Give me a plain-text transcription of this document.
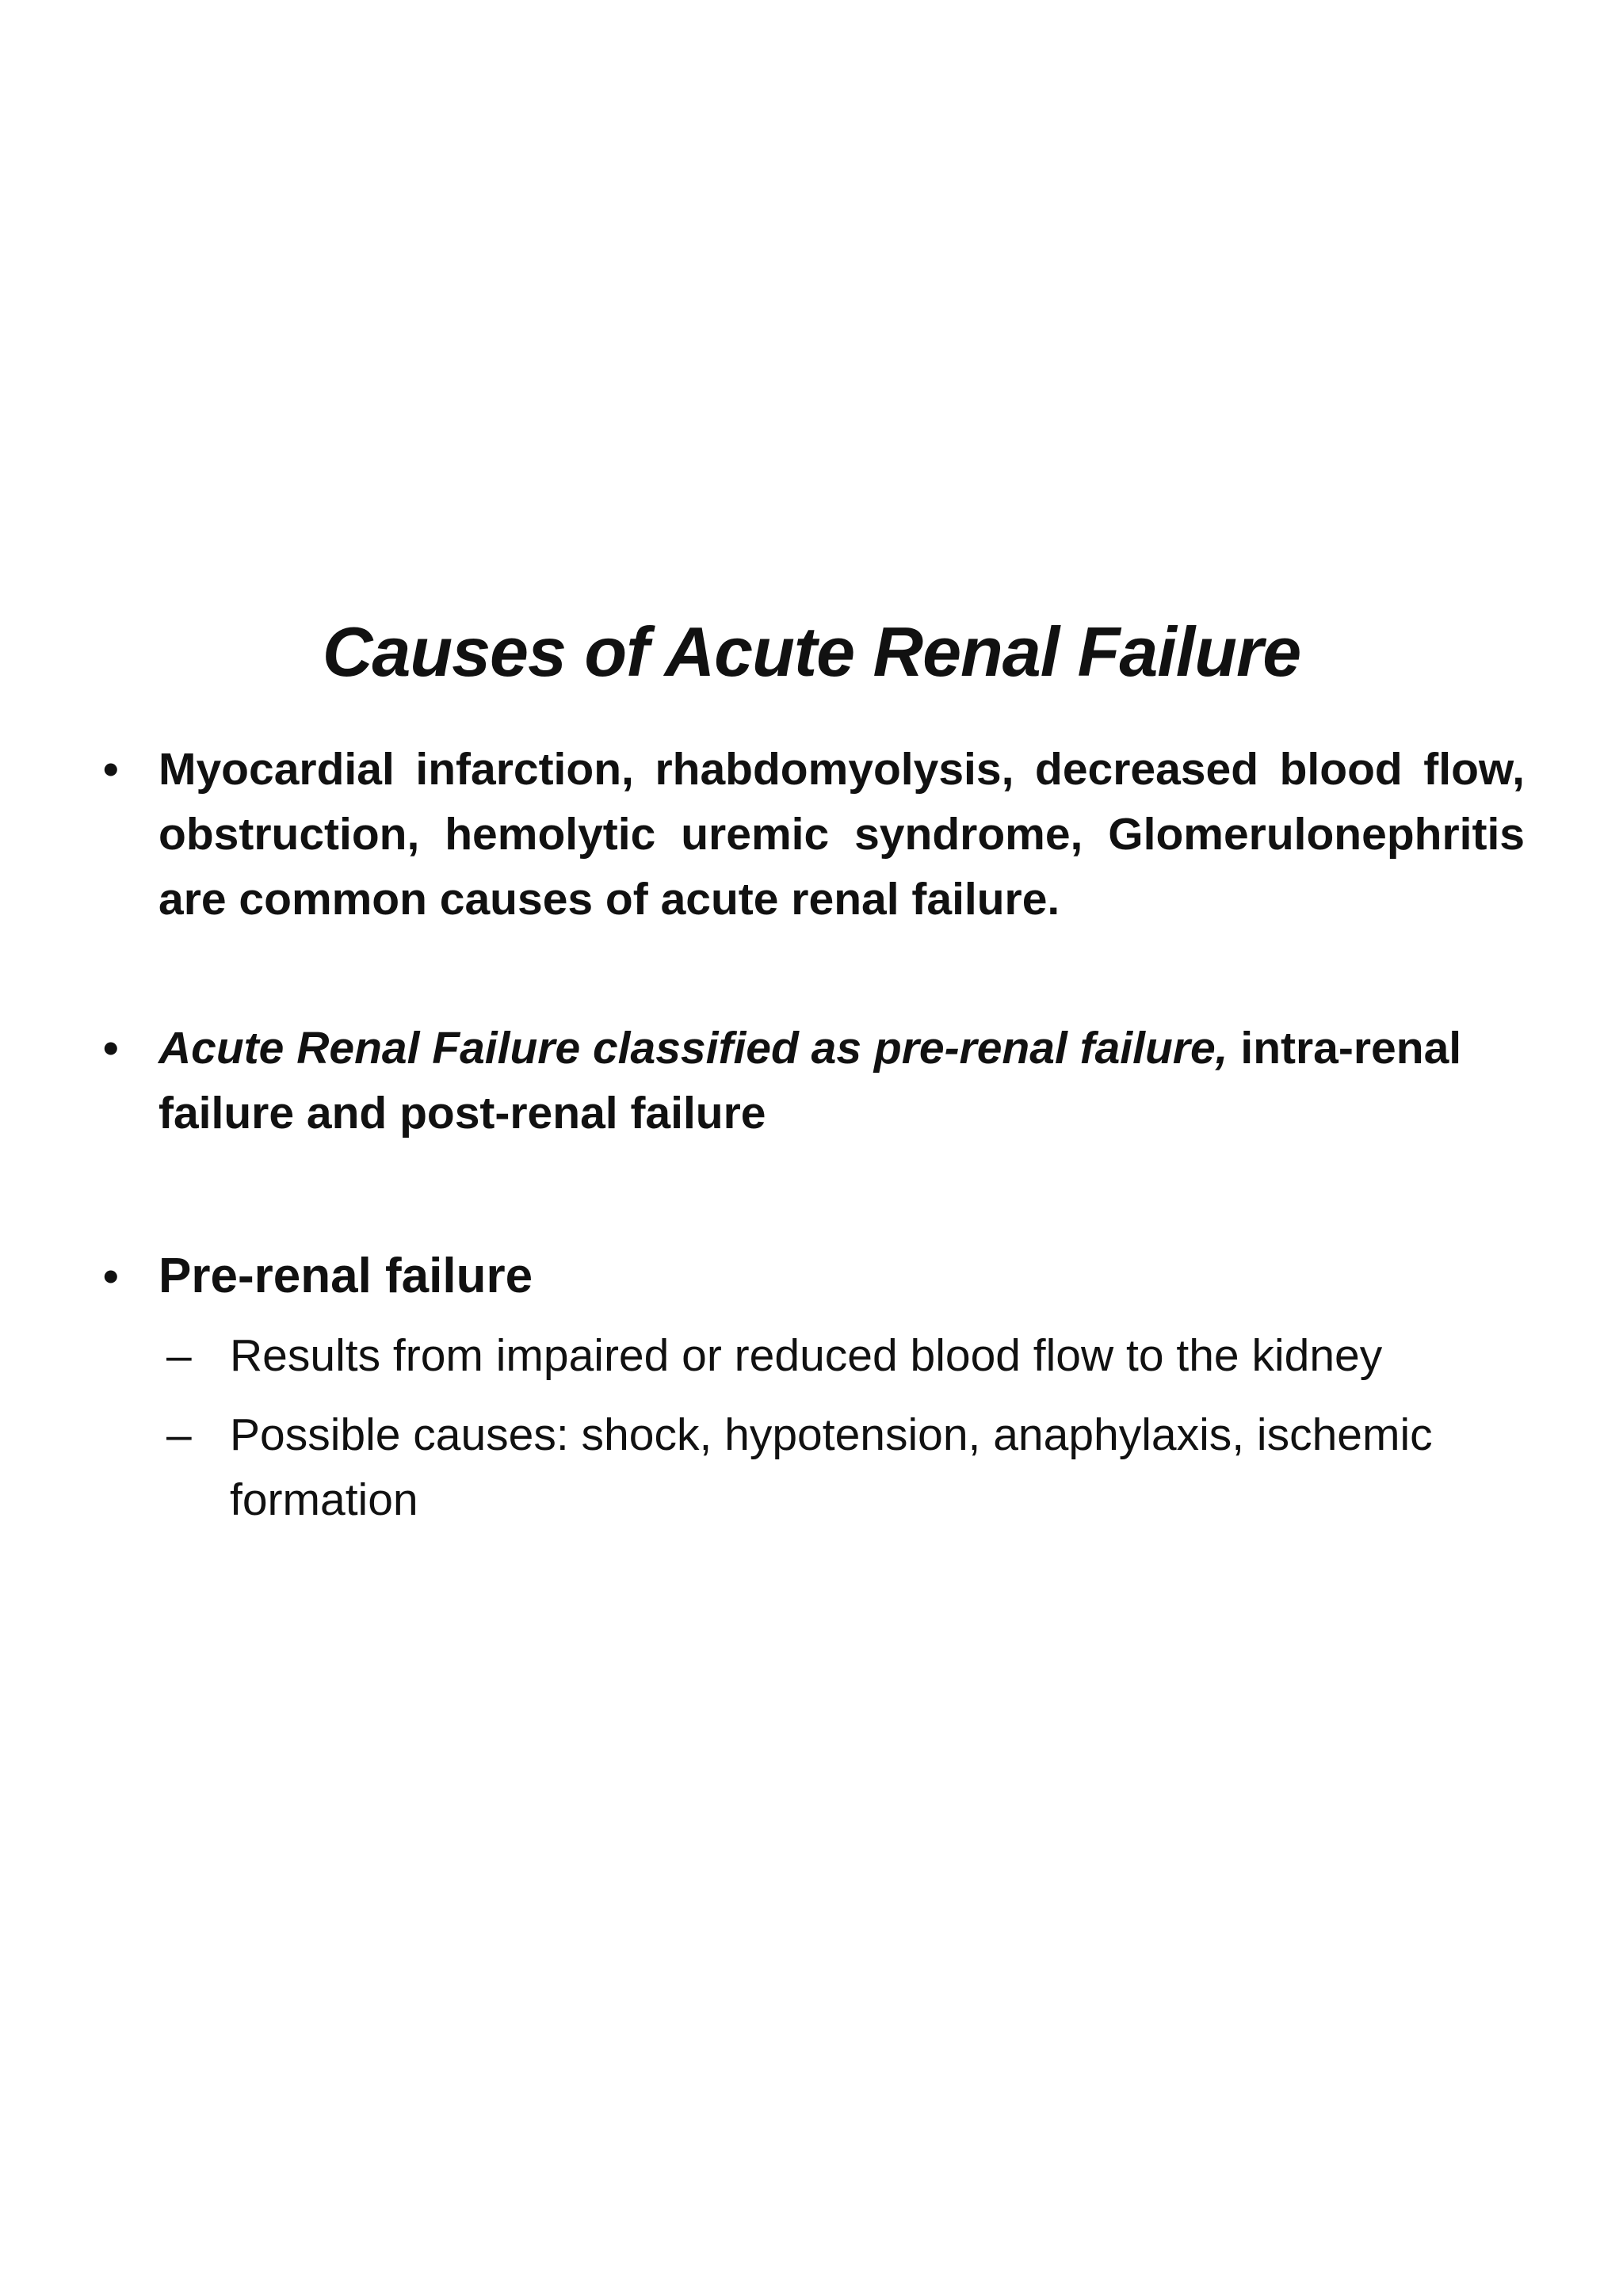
Causes of Acute Renal Failure
• Myocardial infarction, rhabdomyolysis, decreased blood flow, obstruction, hemolytic uremic syndrome, Glomerulonephritis are common causes of acute renal failure.
• Acute Renal Failure classified as pre-renal failure, intra-renal failure and post-renal failure
• Pre-renal failure
– Results from impaired or reduced blood flow to the kidney
– Possible causes: shock, hypotension, anaphylaxis, ischemic formation
